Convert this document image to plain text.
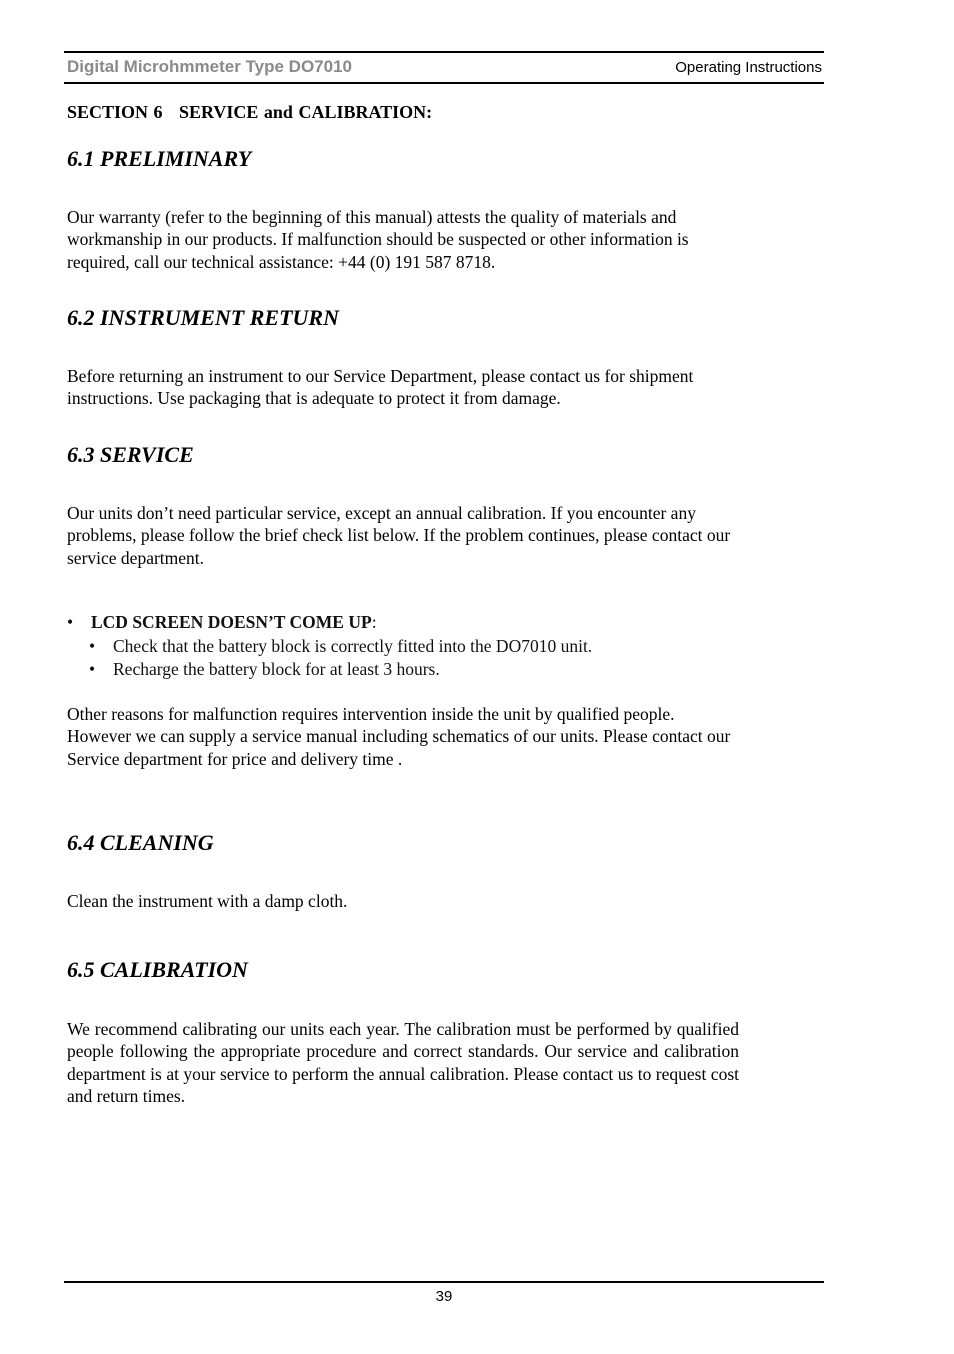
Digital Microhmmeter Type DO7010	Operating Instructions
SECTION 6   SERVICE and CALIBRATION:
6.1 PRELIMINARY

Our warranty (refer to the beginning of this manual) attests the quality of materials and workmanship in our products. If malfunction should be suspected or other information is required, call our technical assistance: +44 (0) 191 587 8718.

6.2 INSTRUMENT RETURN

Before returning an instrument to our Service Department, please contact us for shipment instructions. Use packaging that is adequate to protect it from damage.

6.3 SERVICE

Our units don’t need particular service, except an annual calibration. If you encounter any problems, please follow the brief check list below. If the problem continues, please contact our service department.

• LCD SCREEN DOESN’T COME UP:
• Check that the battery block is correctly fitted into the DO7010 unit.
• Recharge the battery block for at least 3 hours.

Other reasons for malfunction requires intervention inside the unit by qualified people. However we can supply a service manual including schematics of our units. Please contact our Service department for price and delivery time .

6.4 CLEANING

Clean the instrument with a damp cloth.

6.5 CALIBRATION

We recommend calibrating our units each year. The calibration must be performed by qualified people following the appropriate procedure and correct standards. Our service and calibration department is at your service to perform the annual calibration. Please contact us to request cost and return times.

39
